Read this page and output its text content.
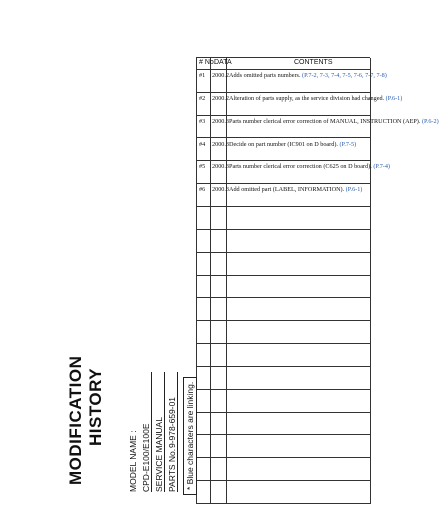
# No.
DATA	CONTENTS
#1 2000.2 Adds omitted parts numbers. (P.7-2, 7-3, 7-4, 7-5, 7-6, 7-7, 7-8)
#2 2000.2 Alteration of parts supply, as the service division had changed. (P.6-1)
#3 2000.3 Parts number clerical error correction of MANUAL, INSTRUCTION (AEP). (P.6-2)
#4 2000.3 Decide on part number (IC901 on D board). (P.7-5)
#5 2000.3 Parts number clerical error correction (C625 on D board). (P.7-4)
#6 2000.3 Add omitted part (LABEL, INFORMATION). (P.6-1)
MODIFICATION HISTORY
MODEL NAME : CPD-E100/E100E SERVICE MANUAL PARTS No.
9-978-659-01 * Blue characters are linking.
